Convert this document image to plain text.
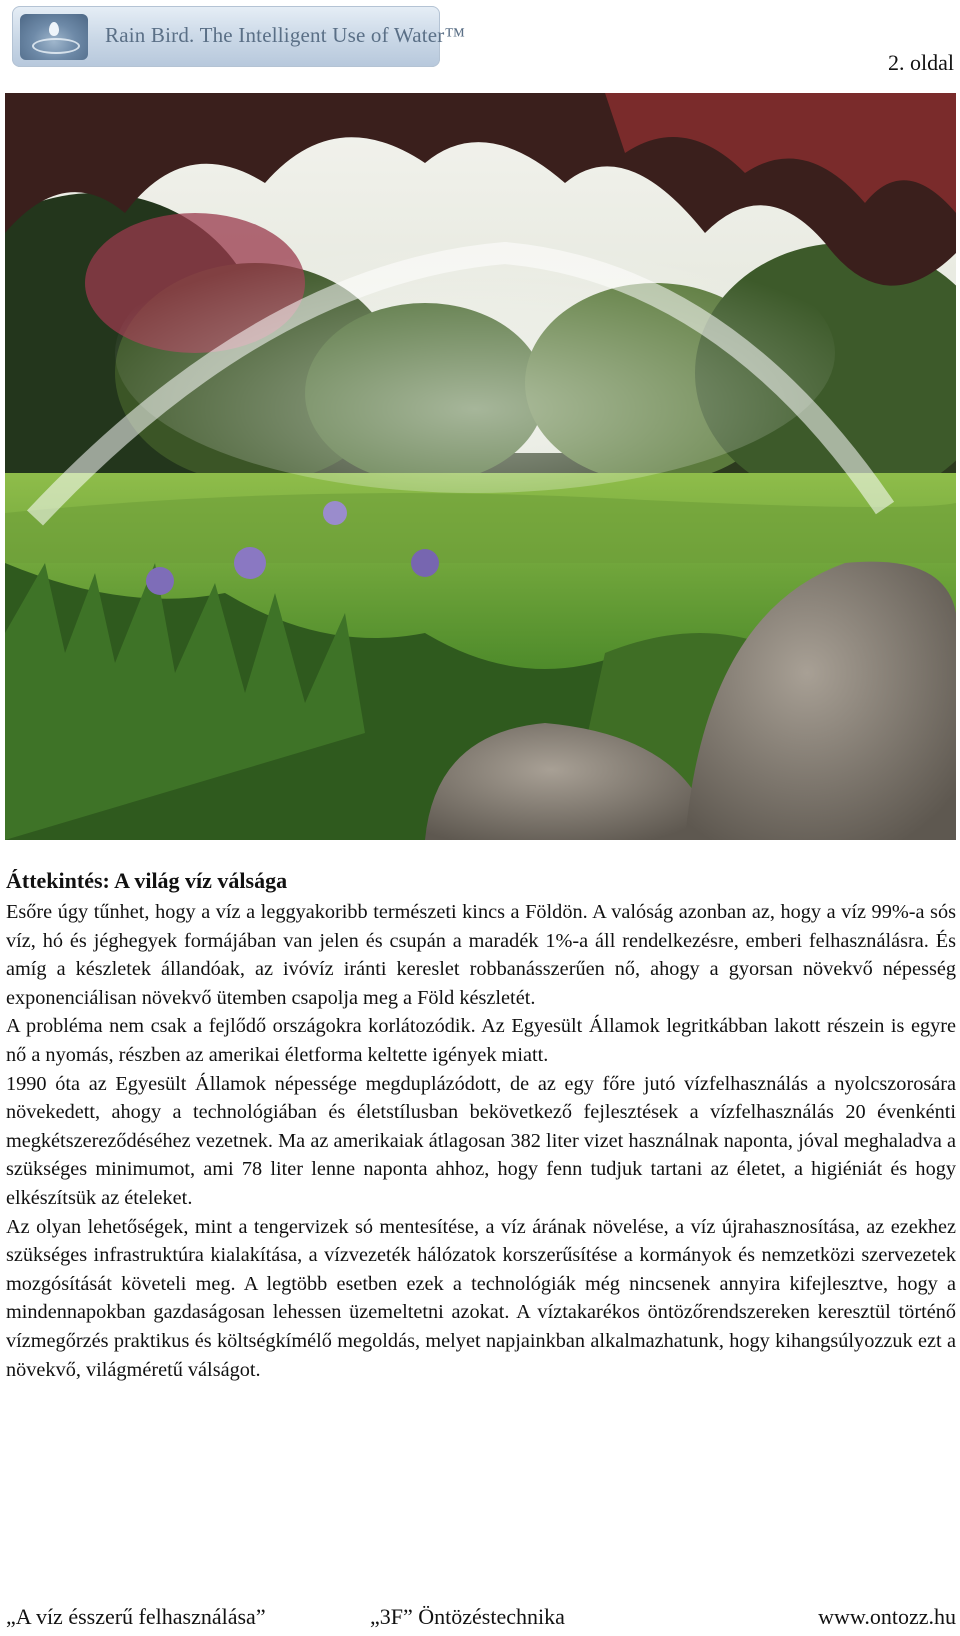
Rain Bird. The Intelligent Use of Water™
2. oldal
Áttekintés: A világ víz válsága

Esőre úgy tűnhet, hogy a víz a leggyakoribb természeti kincs a Földön. A valóság azonban az, hogy a víz 99%-a sós víz, hó és jéghegyek formájában van jelen és csupán a maradék 1%-a áll rendelkezésre, emberi felhasználásra. És amíg a készletek állandóak, az ivóvíz iránti kereslet robbanásszerűen nő, ahogy a gyorsan növekvő népesség exponenciálisan növekvő ütemben csapolja meg a Föld készletét.

A probléma nem csak a fejlődő országokra korlátozódik. Az Egyesült Államok legritkábban lakott részein is egyre nő a nyomás, részben az amerikai életforma keltette igények miatt.

1990 óta az Egyesült Államok népessége megduplázódott, de az egy főre jutó vízfelhasználás a nyolcszorosára növekedett, ahogy a technológiában és életstílusban bekövetkező fejlesztések a vízfelhasználás 20 évenkénti megkétszereződéséhez vezetnek. Ma az amerikaiak átlagosan 382 liter vizet használnak naponta, jóval meghaladva a szükséges minimumot, ami 78 liter lenne naponta ahhoz, hogy fenn tudjuk tartani az életet, a higiéniát és hogy elkészítsük az ételeket.

Az olyan lehetőségek, mint a tengervizek só mentesítése, a víz árának növelése, a víz újrahasznosítása, az ezekhez szükséges infrastruktúra kialakítása, a vízvezeték hálózatok korszerűsítése a kormányok és nemzetközi szervezetek mozgósítását követeli meg. A legtöbb esetben ezek a technológiák még nincsenek annyira kifejlesztve, hogy a mindennapokban gazdaságosan lehessen üzemeltetni azokat. A víztakarékos öntözőrendszereken keresztül történő vízmegőrzés praktikus és költségkímélő megoldás, melyet napjainkban alkalmazhatunk, hogy kihangsúlyozzuk ezt a növekvő, világméretű válságot.

„A víz ésszerű felhasználása”	„3F” Öntözéstechnika	www.ontozz.hu
